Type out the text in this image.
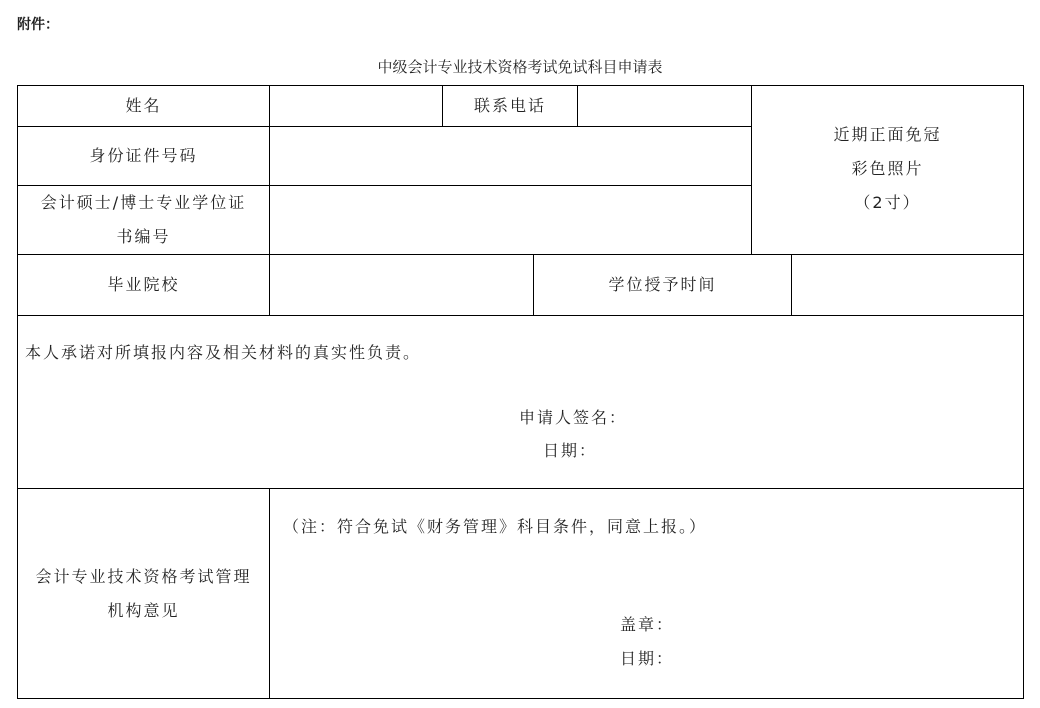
附件：
中级会计专业技术资格考试免试科目申请表
姓名	联系电话
近期正面免冠
彩色照片
（2寸）
身份证件号码
会计硕士/博士专业学位证
书编号
毕业院校	学位授予时间
本人承诺对所填报内容及相关材料的真实性负责。
申请人签名：
日期：
会计专业技术资格考试管理
机构意见
（注：符合免试《财务管理》科目条件，同意上报。）
盖章：
日期：
